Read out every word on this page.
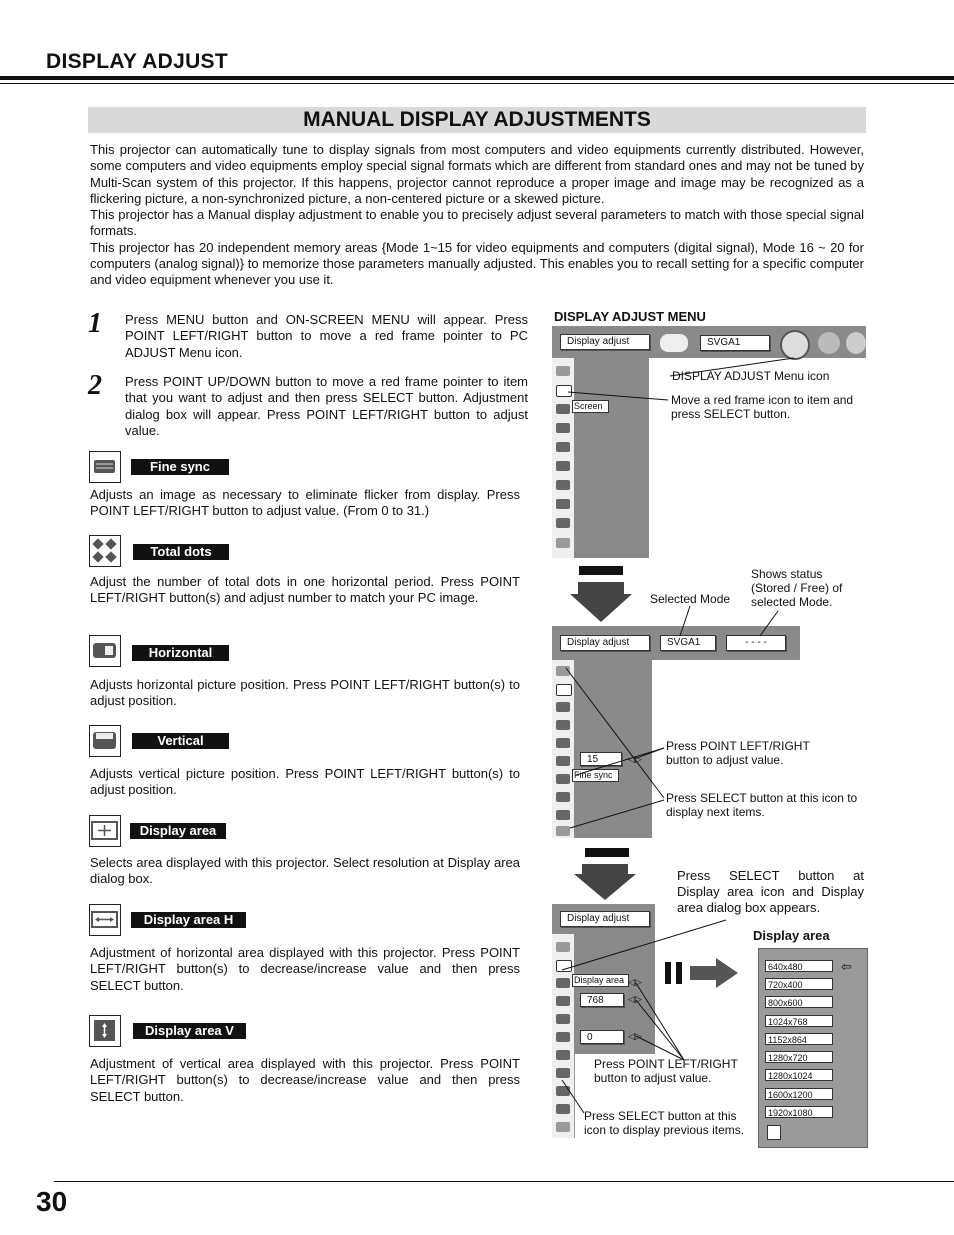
DISPLAY ADJUST
MANUAL DISPLAY ADJUSTMENTS

This projector can automatically tune to display signals from most computers and video equipments currently distributed. However, some computers and video equipments employ special signal formats which are different from standard ones and may not be tuned by Multi-Scan system of this projector. If this happens, projector cannot reproduce a proper image and image may be recognized as a flickering picture, a non-synchronized picture, a non-centered picture or a skewed picture.

This projector has a Manual display adjustment to enable you to precisely adjust several parameters to match with those special signal formats.

This projector has 20 independent memory areas {Mode 1~15 for video equipments and computers (digital signal), Mode 16 ~ 20 for computers (analog signal)} to memorize those parameters manually adjusted. This enables you to recall setting for a specific computer and video equipment whenever you use it.

1 Press MENU button and ON-SCREEN MENU will appear. Press POINT LEFT/RIGHT button to move a red frame pointer to PC ADJUST Menu icon.
2 Press POINT UP/DOWN button to move a red frame pointer to item that you want to adjust and then press SELECT button. Adjustment dialog box will appear. Press POINT LEFT/RIGHT button to adjust value.
Fine sync
Adjusts an image as necessary to eliminate flicker from display. Press POINT LEFT/RIGHT button to adjust value. (From 0 to 31.)
Total dots
Adjust the number of total dots in one horizontal period. Press POINT LEFT/RIGHT button(s) and adjust number to match your PC image.
Horizontal
Adjusts horizontal picture position. Press POINT LEFT/RIGHT button(s) to adjust position.
Vertical
Adjusts vertical picture position. Press POINT LEFT/RIGHT button(s) to adjust position.
Display area
Selects area displayed with this projector. Select resolution at Display area dialog box.
Display area H
Adjustment of horizontal area displayed with this projector. Press POINT LEFT/RIGHT button(s) to decrease/increase value and then press SELECT button.
Display area V
Adjustment of vertical area displayed with this projector. Press POINT LEFT/RIGHT button(s) to decrease/increase value and then press SELECT button.
DISPLAY ADJUST MENU
Display adjust	SVGA1
Screen
DISPLAY ADJUST Menu icon
Move a red frame icon to item and press SELECT button.
Selected Mode
Shows status (Stored / Free) of selected Mode.
Display adjust	SVGA1	- - - -
15	◁▷
Fine sync
Press POINT LEFT/RIGHT button to adjust value.
Press SELECT button at this icon to display next items.
Press SELECT button at Display area icon and Display area dialog box appears.
Display adjust
Display area
768
0
◁▷
◁▷
◁▷
Display area
640x480
720x400
800x600
1024x768
1152x864
1280x720
1280x1024
1600x1200
1920x1080
⇦
Press POINT LEFT/RIGHT button to adjust value.
Press SELECT button at this icon to display previous items.
30
